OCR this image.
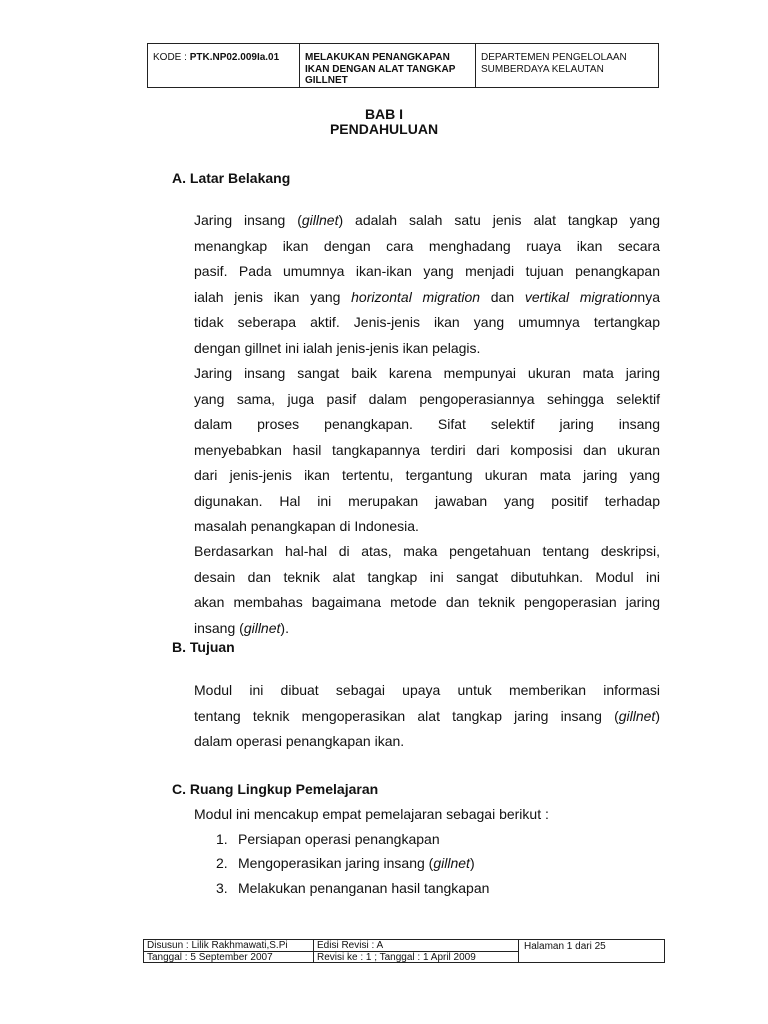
KODE : PTK.NP02.009Ia.01	MELAKUKAN PENANGKAPAN
IKAN DENGAN ALAT TANGKAP
GILLNET
DEPARTEMEN PENGELOLAAN
SUMBERDAYA KELAUTAN
BAB I
PENDAHULUAN
A. Latar Belakang
Jaring insang (gillnet) adalah salah satu jenis alat tangkap yang
menangkap ikan dengan cara menghadang ruaya ikan secara
pasif. Pada umumnya ikan-ikan yang menjadi tujuan penangkapan
ialah jenis ikan yang horizontal migration dan vertikal migrationnya
tidak seberapa aktif. Jenis-jenis ikan yang umumnya tertangkap
dengan gillnet ini ialah jenis-jenis ikan pelagis.
Jaring insang sangat baik karena mempunyai ukuran mata jaring
yang sama, juga pasif dalam pengoperasiannya sehingga selektif
dalam proses penangkapan. Sifat selektif jaring insang
menyebabkan hasil tangkapannya terdiri dari komposisi dan ukuran
dari jenis-jenis ikan tertentu, tergantung ukuran mata jaring yang
digunakan. Hal ini merupakan jawaban yang positif terhadap
masalah penangkapan di Indonesia.
Berdasarkan hal-hal di atas, maka pengetahuan tentang deskripsi,
desain dan teknik alat tangkap ini sangat dibutuhkan. Modul ini
akan membahas bagaimana metode dan teknik pengoperasian jaring
insang (gillnet).
B. Tujuan
Modul ini dibuat sebagai upaya untuk memberikan informasi
tentang teknik mengoperasikan alat tangkap jaring insang (gillnet)
dalam operasi penangkapan ikan.
C. Ruang Lingkup Pemelajaran
Modul ini mencakup empat pemelajaran sebagai berikut :
1. Persiapan operasi penangkapan
2. Mengoperasikan jaring insang (gillnet)
3. Melakukan penanganan hasil tangkapan
Disusun : Lilik Rakhmawati,S.Pi
Tanggal : 5 September 2007
Edisi Revisi : A
Revisi ke : 1 ; Tanggal : 1 April 2009
Halaman 1 dari 25
